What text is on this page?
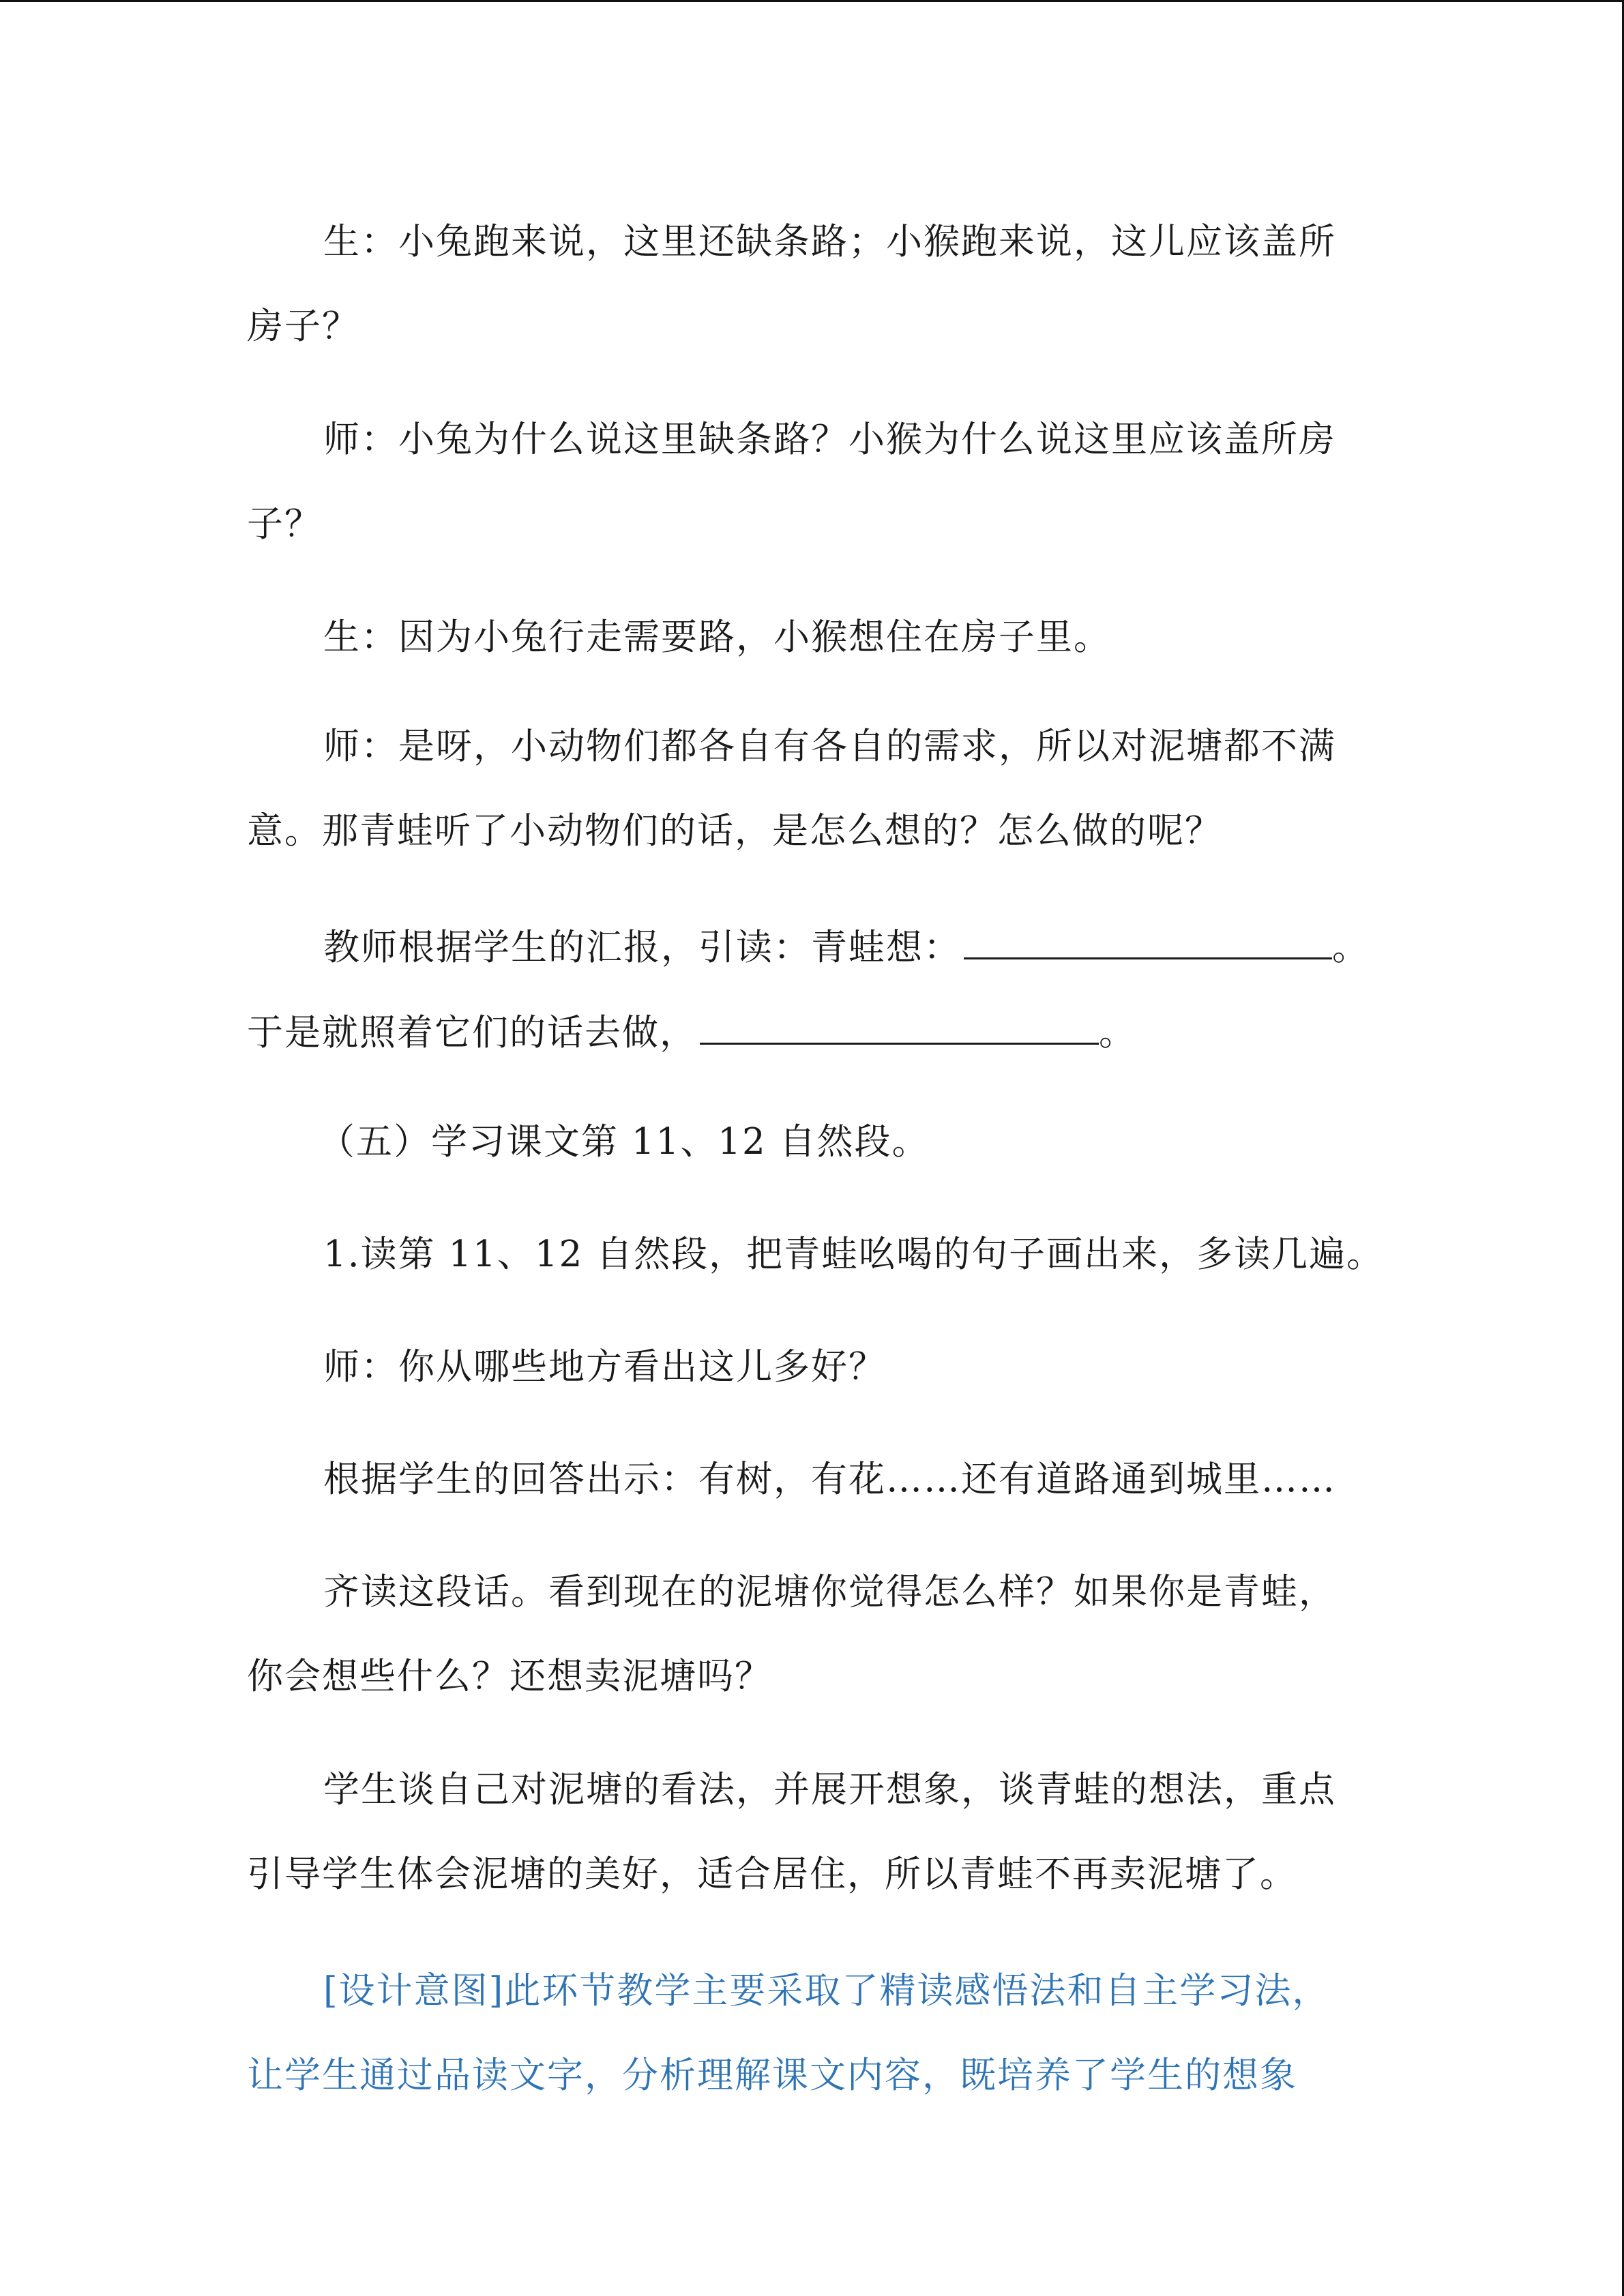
生：小兔跑来说，这里还缺条路；小猴跑来说，这儿应该盖所房子？

师：小兔为什么说这里缺条路？小猴为什么说这里应该盖所房子？

生：因为小兔行走需要路，小猴想住在房子里。

师：是呀，小动物们都各自有各自的需求，所以对泥塘都不满意。那青蛙听了小动物们的话，是怎么想的？怎么做的呢？

教师根据学生的汇报，引读：青蛙想：	。

于是就照着它们的话去做，	。

（五）学习课文第 11、12 自然段。

1.读第 11、12 自然段，把青蛙吆喝的句子画出来，多读几遍。

师：你从哪些地方看出这儿多好？

根据学生的回答出示：有树，有花……还有道路通到城里……

齐读这段话。看到现在的泥塘你觉得怎么样？如果你是青蛙，你会想些什么？还想卖泥塘吗？

学生谈自己对泥塘的看法，并展开想象，谈青蛙的想法，重点引导学生体会泥塘的美好，适合居住，所以青蛙不再卖泥塘了。

[设计意图]此环节教学主要采取了精读感悟法和自主学习法，让学生通过品读文字，分析理解课文内容，既培养了学生的想象
